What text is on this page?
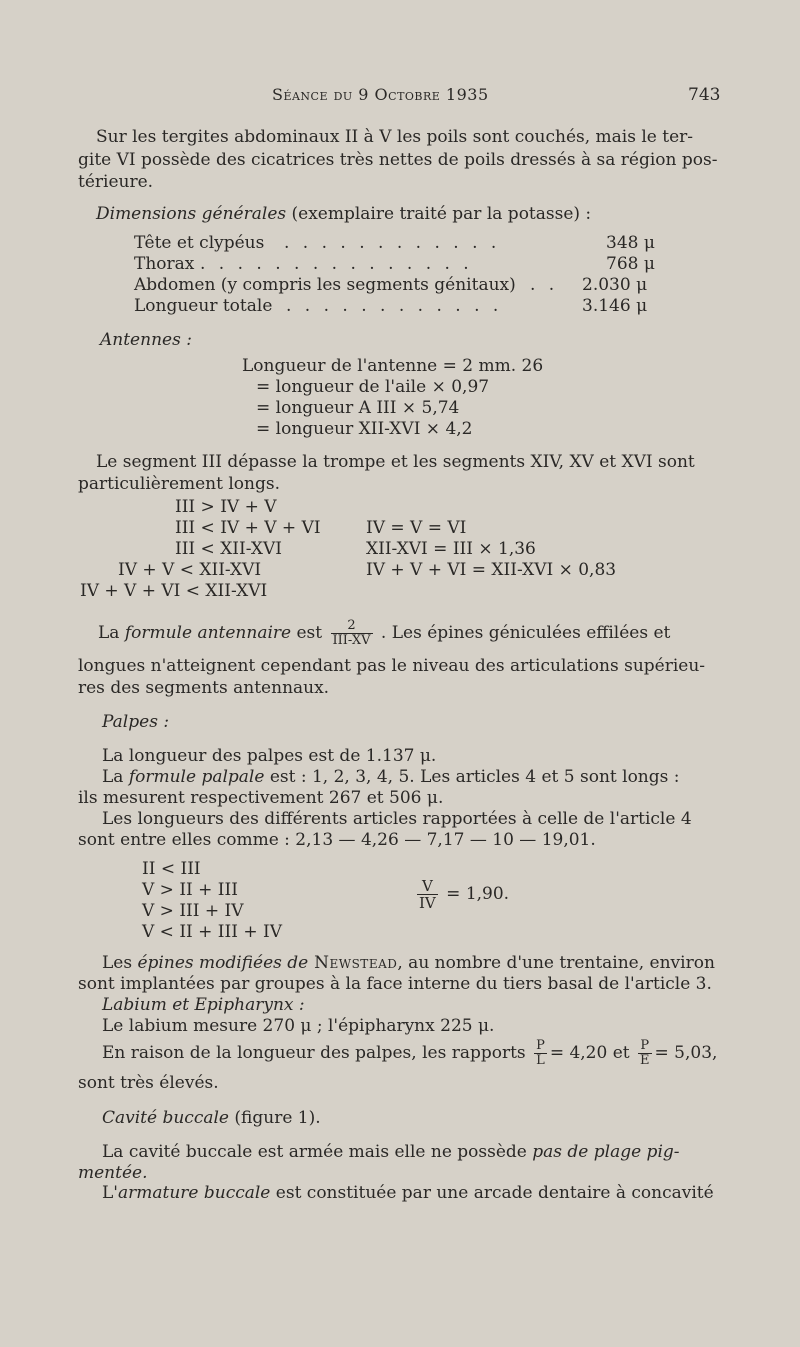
Séance du 9 Octobre 1935	743
Sur les tergites abdominaux II à V les poils sont couchés, mais le ter-
gite VI possède des cicatrices très nettes de poils dressés à sa région pos-
térieure.
Dimensions générales (exemplaire traité par la potasse) :
Tête et clypéus . . . . . . . . . . . .	348 μ
Thorax . . . . . . . . . . . . . . .	768 μ
Abdomen (y compris les segments génitaux) . . 2.030 μ
Longueur totale . . . . . . . . . . . .	3.146 μ
Antennes :
Longueur de l'antenne = 2 mm. 26
= longueur de l'aile × 0,97
= longueur A III × 5,74
= longueur XII-XVI × 4,2
Le segment III dépasse la trompe et les segments XIV, XV et XVI sont
particulièrement longs.
III > IV + V
III < IV + V + VI
III < XII-XVI
IV + V < XII-XVI
IV + V + VI < XII-XVI
IV = V = VI
XII-XVI = III × 1,36
IV + V + VI = XII-XVI × 0,83
La formule antennaire est $\frac{2}{\text{III-XV}}$ . Les épines géniculées effilées et
longues n'atteignent cependant pas le niveau des articulations supérieu-
res des segments antennaux.
Palpes :
La longueur des palpes est de 1.137 μ.
La formule palpale est : 1, 2, 3, 4, 5. Les articles 4 et 5 sont longs :
ils mesurent respectivement 267 et 506 μ.
Les longueurs des différents articles rapportées à celle de l'article 4
sont entre elles comme : 2,13 — 4,26 — 7,17 — 10 — 19,01.
II < III
V > II + III
V > III + IV
V < II + III + IV
$\frac{V}{IV} = 1,90$.
Les épines modifiées de Newstead, au nombre d'une trentaine, environ
sont implantées par groupes à la face interne du tiers basal de l'article 3.
Labium et Epipharynx :
Le labium mesure 270 μ ; l'épipharynx 225 μ.
En raison de la longueur des palpes, les rapports $\frac{P}{L} = 4,20$ et $\frac{P}{E} = 5,03$,
sont très élevés.
Cavité buccale (figure 1).
La cavité buccale est armée mais elle ne possède pas de plage pig-
mentée.
L'armature buccale est constituée par une arcade dentaire à concavité
